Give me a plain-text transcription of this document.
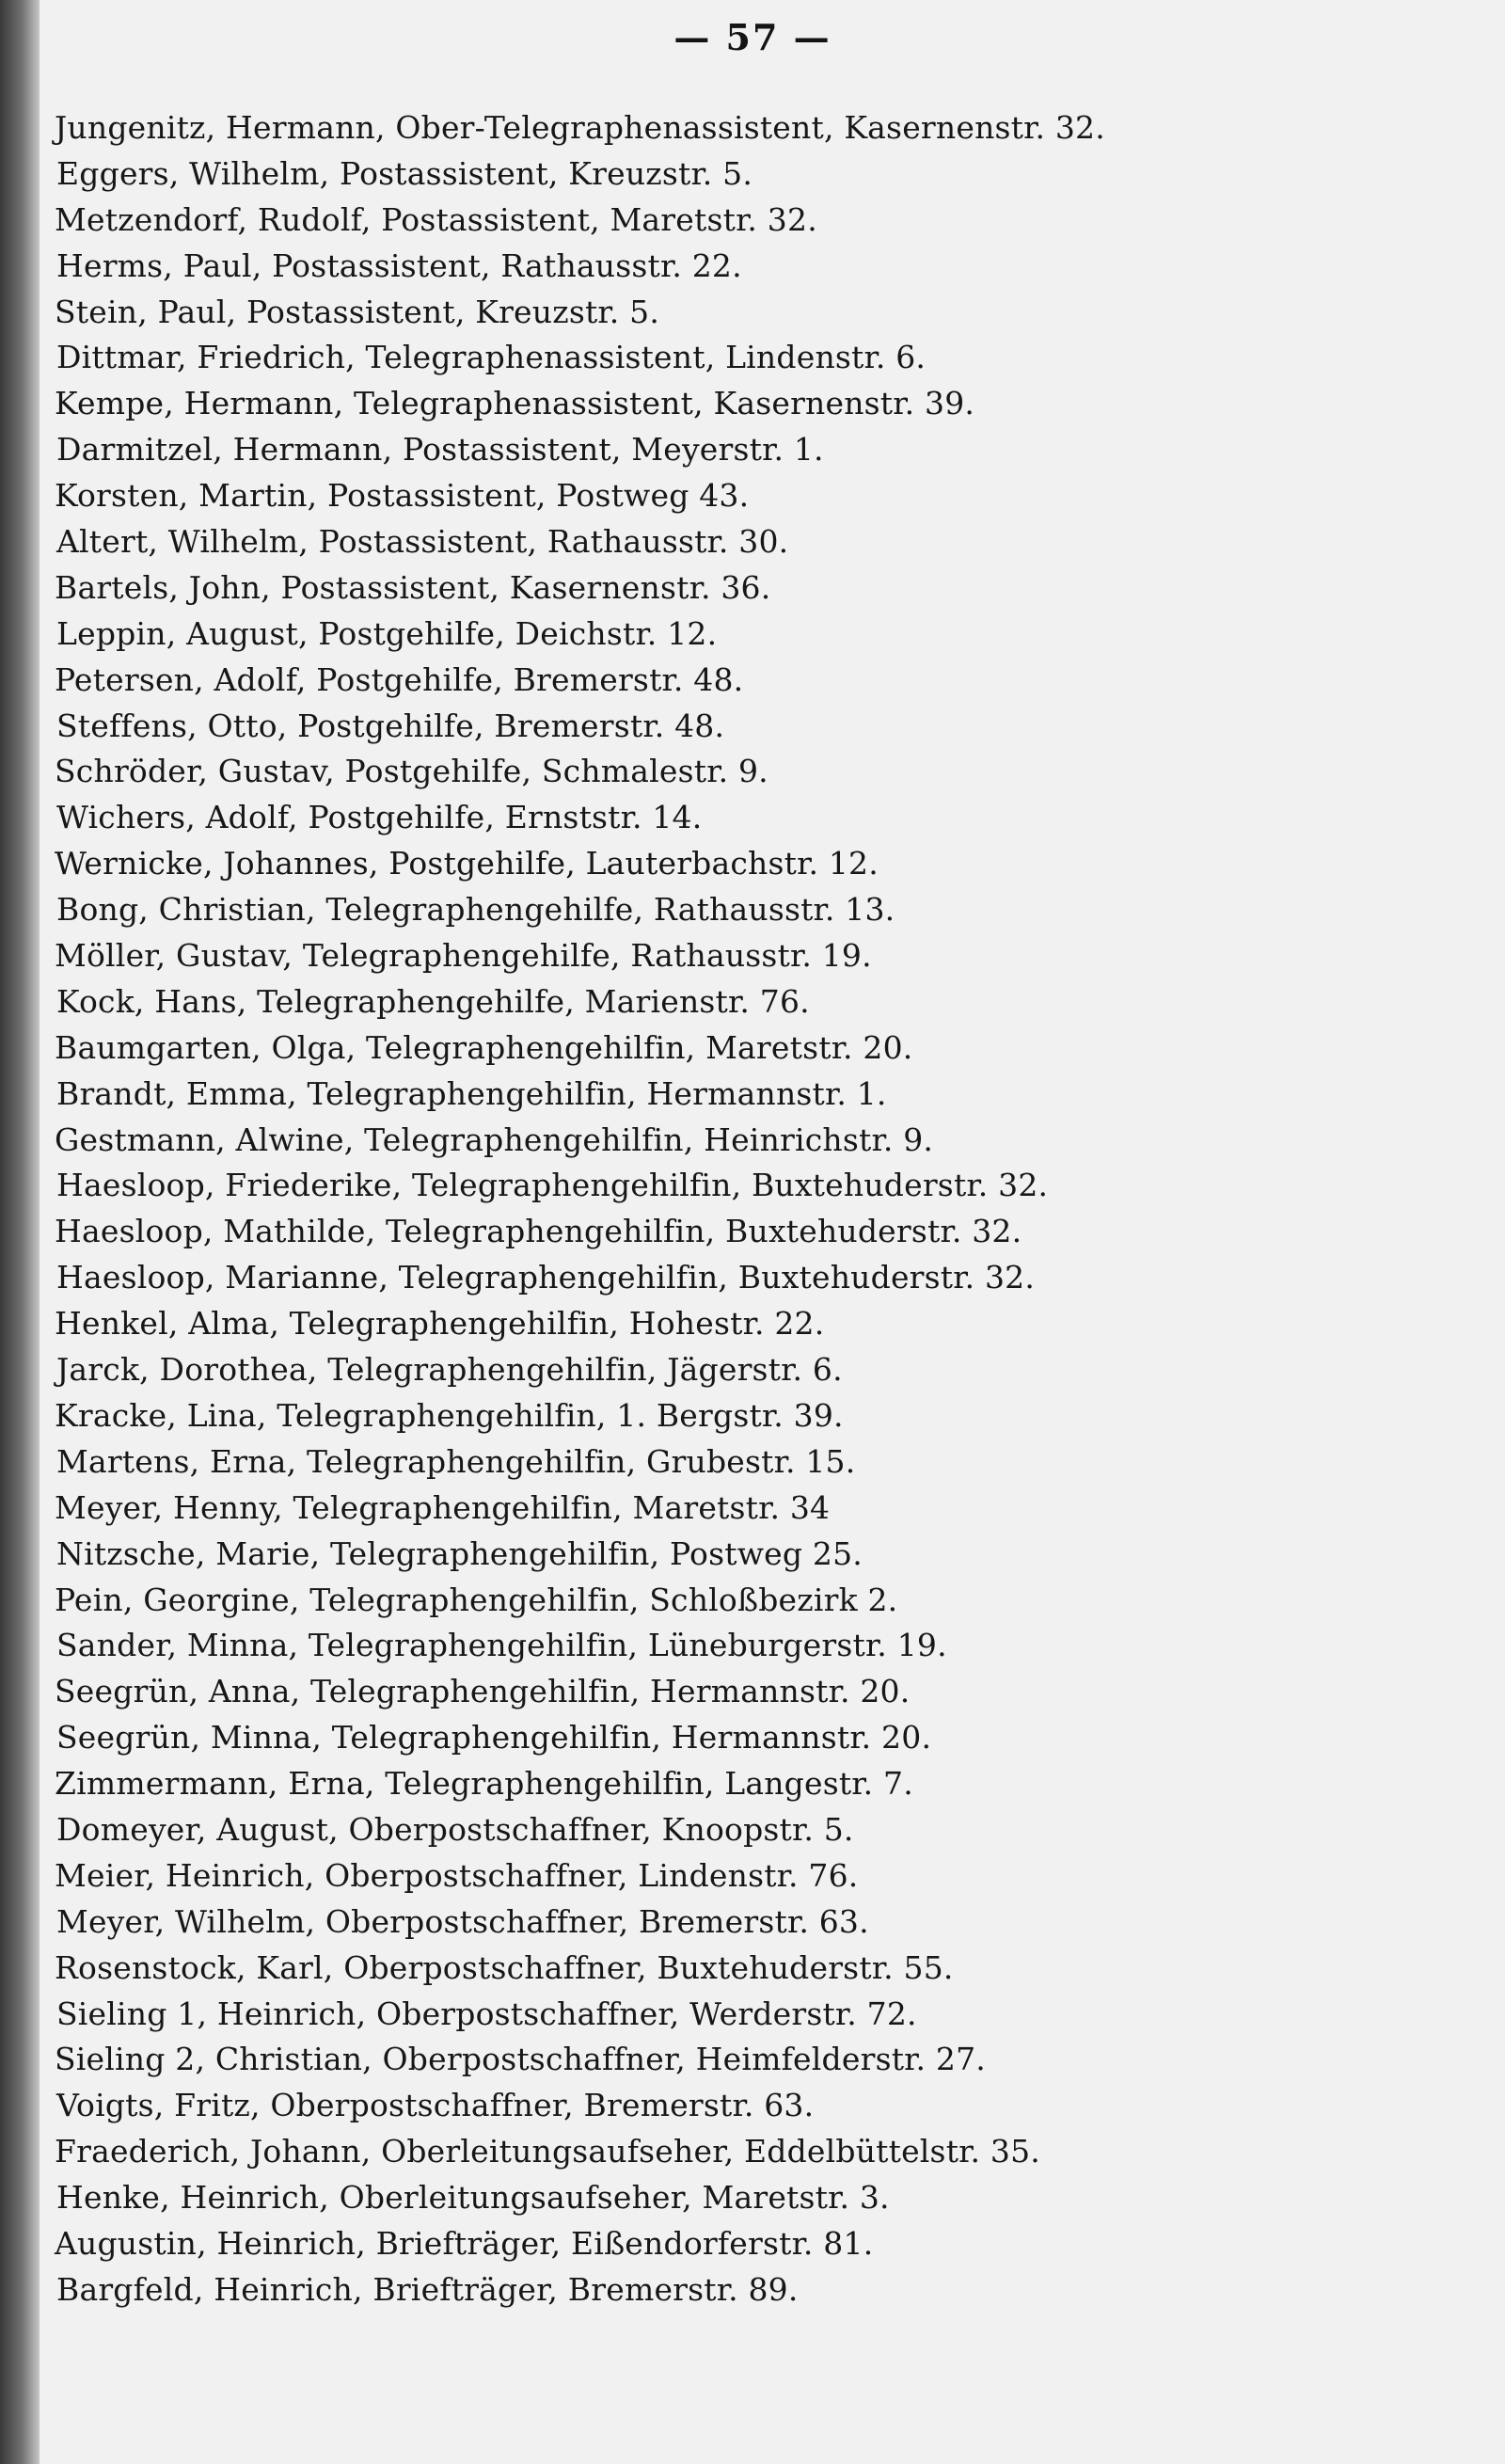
— 57 —
Jungenitz, Hermann, Ober-Telegraphenassistent, Kasernenstr. 32.
Eggers, Wilhelm, Postassistent, Kreuzstr. 5.
Metzendorf, Rudolf, Postassistent, Maretstr. 32.
Herms, Paul, Postassistent, Rathausstr. 22.
Stein, Paul, Postassistent, Kreuzstr. 5.
Dittmar, Friedrich, Telegraphenassistent, Lindenstr. 6.
Kempe, Hermann, Telegraphenassistent, Kasernenstr. 39.
Darmitzel, Hermann, Postassistent, Meyerstr. 1.
Korsten, Martin, Postassistent, Postweg 43.
Altert, Wilhelm, Postassistent, Rathausstr. 30.
Bartels, John, Postassistent, Kasernenstr. 36.
Leppin, August, Postgehilfe, Deichstr. 12.
Petersen, Adolf, Postgehilfe, Bremerstr. 48.
Steffens, Otto, Postgehilfe, Bremerstr. 48.
Schröder, Gustav, Postgehilfe, Schmalestr. 9.
Wichers, Adolf, Postgehilfe, Ernststr. 14.
Wernicke, Johannes, Postgehilfe, Lauterbachstr. 12.
Bong, Christian, Telegraphengehilfe, Rathausstr. 13.
Möller, Gustav, Telegraphengehilfe, Rathausstr. 19.
Kock, Hans, Telegraphengehilfe, Marienstr. 76.
Baumgarten, Olga, Telegraphengehilfin, Maretstr. 20.
Brandt, Emma, Telegraphengehilfin, Hermannstr. 1.
Gestmann, Alwine, Telegraphengehilfin, Heinrichstr. 9.
Haesloop, Friederike, Telegraphengehilfin, Buxtehuderstr. 32.
Haesloop, Mathilde, Telegraphengehilfin, Buxtehuderstr. 32.
Haesloop, Marianne, Telegraphengehilfin, Buxtehuderstr. 32.
Henkel, Alma, Telegraphengehilfin, Hohestr. 22.
Jarck, Dorothea, Telegraphengehilfin, Jägerstr. 6.
Kracke, Lina, Telegraphengehilfin, 1. Bergstr. 39.
Martens, Erna, Telegraphengehilfin, Grubestr. 15.
Meyer, Henny, Telegraphengehilfin, Maretstr. 34
Nitzsche, Marie, Telegraphengehilfin, Postweg 25.
Pein, Georgine, Telegraphengehilfin, Schloßbezirk 2.
Sander, Minna, Telegraphengehilfin, Lüneburgerstr. 19.
Seegrün, Anna, Telegraphengehilfin, Hermannstr. 20.
Seegrün, Minna, Telegraphengehilfin, Hermannstr. 20.
Zimmermann, Erna, Telegraphengehilfin, Langestr. 7.
Domeyer, August, Oberpostschaffner, Knoopstr. 5.
Meier, Heinrich, Oberpostschaffner, Lindenstr. 76.
Meyer, Wilhelm, Oberpostschaffner, Bremerstr. 63.
Rosenstock, Karl, Oberpostschaffner, Buxtehuderstr. 55.
Sieling 1, Heinrich, Oberpostschaffner, Werderstr. 72.
Sieling 2, Christian, Oberpostschaffner, Heimfelderstr. 27.
Voigts, Fritz, Oberpostschaffner, Bremerstr. 63.
Fraederich, Johann, Oberleitungsaufseher, Eddelbüttelstr. 35.
Henke, Heinrich, Oberleitungsaufseher, Maretstr. 3.
Augustin, Heinrich, Briefträger, Eißendorferstr. 81.
Bargfeld, Heinrich, Briefträger, Bremerstr. 89.
